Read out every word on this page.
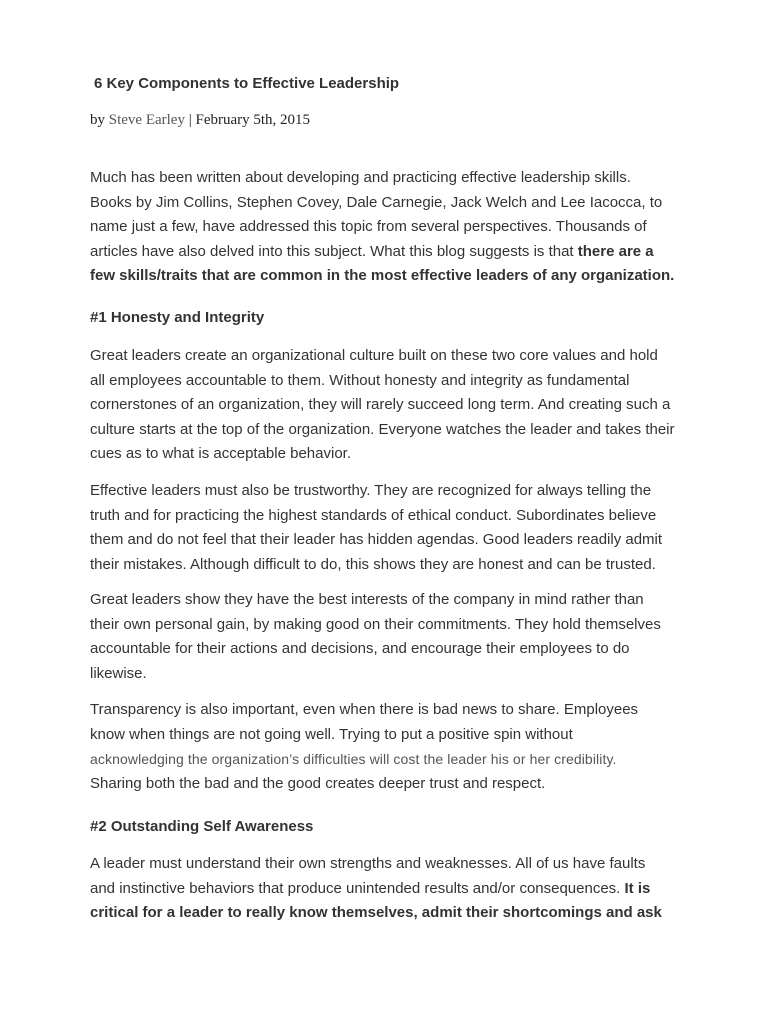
6 Key Components to Effective Leadership

by Steve Earley | February 5th, 2015

Much has been written about developing and practicing effective leadership skills.
Books by Jim Collins, Stephen Covey, Dale Carnegie, Jack Welch and Lee Iacocca, to
name just a few, have addressed this topic from several perspectives. Thousands of
articles have also delved into this subject. What this blog suggests is that there are a
few skills/traits that are common in the most effective leaders of any organization.

#1 Honesty and Integrity

Great leaders create an organizational culture built on these two core values and hold
all employees accountable to them. Without honesty and integrity as fundamental
cornerstones of an organization, they will rarely succeed long term. And creating such a
culture starts at the top of the organization. Everyone watches the leader and takes their
cues as to what is acceptable behavior.

Effective leaders must also be trustworthy. They are recognized for always telling the
truth and for practicing the highest standards of ethical conduct. Subordinates believe
them and do not feel that their leader has hidden agendas. Good leaders readily admit
their mistakes. Although difficult to do, this shows they are honest and can be trusted.

Great leaders show they have the best interests of the company in mind rather than
their own personal gain, by making good on their commitments. They hold themselves
accountable for their actions and decisions, and encourage their employees to do
likewise.

Transparency is also important, even when there is bad news to share. Employees
know when things are not going well. Trying to put a positive spin without
acknowledging the organization’s difficulties will cost the leader his or her credibility.
Sharing both the bad and the good creates deeper trust and respect.

#2 Outstanding Self Awareness

A leader must understand their own strengths and weaknesses. All of us have faults
and instinctive behaviors that produce unintended results and/or consequences. It is
critical for a leader to really know themselves, admit their shortcomings and ask
